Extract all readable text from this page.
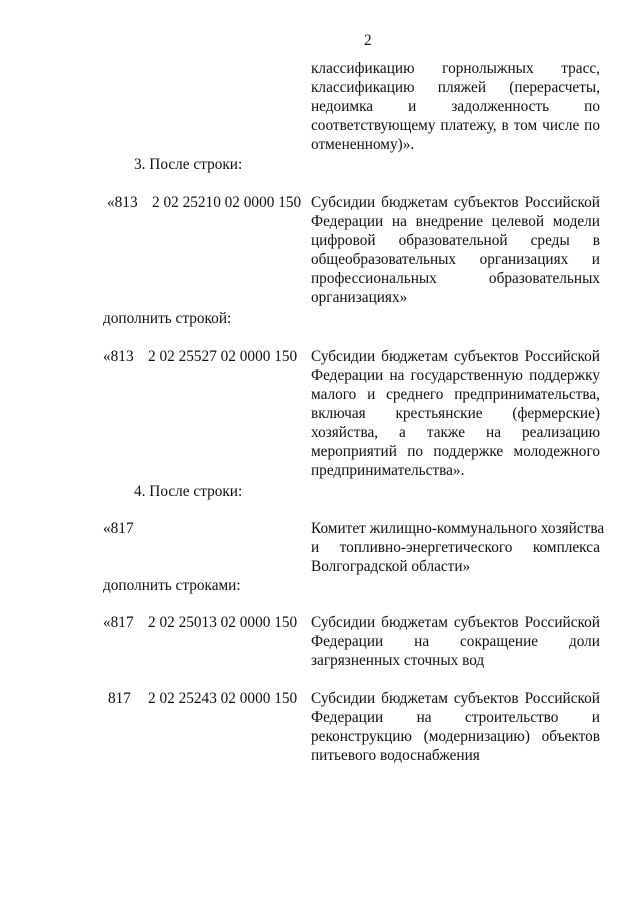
2
классификацию горнолыжных трасс,
классификацию пляжей (перерасчеты,
недоимка и задолженность по
соответствующему платежу, в том числе по
отмененному)».
3. После строки:
«813 2 02 25210 02 0000 150 Субсидии бюджетам субъектов Российской
Федерации на внедрение целевой модели
цифровой образовательной среды в
общеобразовательных организациях и
профессиональных образовательных
организациях»
дополнить строкой:
«813 2 02 25527 02 0000 150 Субсидии бюджетам субъектов Российской
Федерации на государственную поддержку
малого и среднего предпринимательства,
включая крестьянские (фермерские)
хозяйства, а также на реализацию
мероприятий по поддержке молодежного
предпринимательства».
4. После строки:
«817	Комитет жилищно-коммунального хозяйства
и топливно-энергетического комплекса
Волгоградской области»
дополнить строками:
«817 2 02 25013 02 0000 150 Субсидии бюджетам субъектов Российской
Федерации на сокращение доли
загрязненных сточных вод
817 2 02 25243 02 0000 150 Субсидии бюджетам субъектов Российской
Федерации на строительство и
реконструкцию (модернизацию) объектов
питьевого водоснабжения
